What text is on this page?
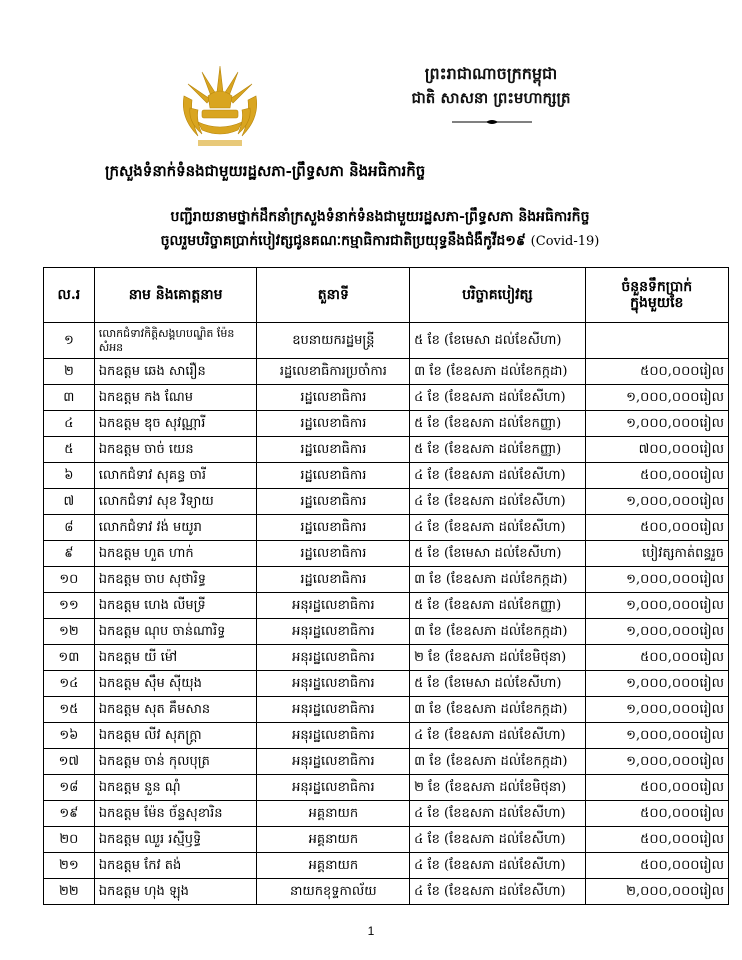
ព្រះរាជាណាចក្រកម្ពុជា
ជាតិ សាសនា ព្រះមហាក្សត្រ
ក្រសួងទំនាក់ទំនងជាមួយរដ្ឋសភា-ព្រឹទ្ធសភា និងអធិការកិច្ច
បញ្ជីរាយនាមថ្នាក់ដឹកនាំក្រសួងទំនាក់ទំនងជាមួយរដ្ឋសភា-ព្រឹទ្ធសភា និងអធិការកិច្ច
ចូលរួមបរិច្ចាគប្រាក់បៀវត្សជូនគណៈកម្មាធិការជាតិប្រយុទ្ធនឹងជំងឺកូវីដ១៩ (Covid-19)
ល.រ	នាម និងគោត្តនាម	តួនាទី	បរិច្ចាគបៀវត្ស	ចំនួនទឹកប្រាក់
ក្នុងមួយខែ

១	លោកជំទាវកិត្តិសង្គហបណ្ឌិត ម៉ែន សំអន	ឧបនាយករដ្ឋមន្ត្រី	៥ ខែ (ខែមេសា ដល់ខែសីហា)	
២	ឯកឧត្តម ឆេង សារឿន	រដ្ឋលេខាធិការប្រចាំការ	៣ ខែ (ខែឧសភា ដល់ខែកក្កដា)	៥០០,០០០រៀល
៣	ឯកឧត្តម កង ណែម	រដ្ឋលេខាធិការ	៤ ខែ (ខែឧសភា ដល់ខែសីហា)	១,០០០,០០០រៀល
៤	ឯកឧត្តម ឌុច សុវណ្ណារី	រដ្ឋលេខាធិការ	៥ ខែ (ខែឧសភា ដល់ខែកញ្ញា)	១,០០០,០០០រៀល
៥	ឯកឧត្តម ចាច់ យេន	រដ្ឋលេខាធិការ	៥ ខែ (ខែឧសភា ដល់ខែកញ្ញា)	៧០០,០០០រៀល
៦	លោកជំទាវ សុគន្ធ ចារី	រដ្ឋលេខាធិការ	៤ ខែ (ខែឧសភា ដល់ខែសីហា)	៥០០,០០០រៀល
៧	លោកជំទាវ សុខ វិទ្យាយ	រដ្ឋលេខាធិការ	៤ ខែ (ខែឧសភា ដល់ខែសីហា)	១,០០០,០០០រៀល
៨	លោកជំទាវ វង់ មយូរា	រដ្ឋលេខាធិការ	៤ ខែ (ខែឧសភា ដល់ខែសីហា)	៥០០,០០០រៀល
៩	ឯកឧត្តម ហួត ហាក់	រដ្ឋលេខាធិការ	៥ ខែ (ខែមេសា ដល់ខែសីហា)	បៀវត្សកាត់ពន្ធរួច
១០	ឯកឧត្តម ចាប សុថារិទ្ធ	រដ្ឋលេខាធិការ	៣ ខែ (ខែឧសភា ដល់ខែកក្កដា)	១,០០០,០០០រៀល
១១	ឯកឧត្តម ហេង លីមទ្រី	អនុរដ្ឋលេខាធិការ	៥ ខែ (ខែឧសភា ដល់ខែកញ្ញា)	១,០០០,០០០រៀល
១២	ឯកឧត្តម ណុប ចាន់ណារិទ្ធ	អនុរដ្ឋលេខាធិការ	៣ ខែ (ខែឧសភា ដល់ខែកក្កដា)	១,០០០,០០០រៀល
១៣	ឯកឧត្តម យី ម៉ៅ	អនុរដ្ឋលេខាធិការ	២ ខែ (ខែឧសភា ដល់ខែមិថុនា)	៥០០,០០០រៀល
១៤	ឯកឧត្តម ស៊ឹម ស៊ីយុង	អនុរដ្ឋលេខាធិការ	៥ ខែ (ខែមេសា ដល់ខែសីហា)	១,០០០,០០០រៀល
១៥	ឯកឧត្តម សុត គឹមសាន	អនុរដ្ឋលេខាធិការ	៣ ខែ (ខែឧសភា ដល់ខែកក្កដា)	១,០០០,០០០រៀល
១៦	ឯកឧត្តម លីវ សុភក្ត្រា	អនុរដ្ឋលេខាធិការ	៤ ខែ (ខែឧសភា ដល់ខែសីហា)	១,០០០,០០០រៀល
១៧	ឯកឧត្តម ចាន់ កុលបុត្រ	អនុរដ្ឋលេខាធិការ	៣ ខែ (ខែឧសភា ដល់ខែកក្កដា)	១,០០០,០០០រៀល
១៨	ឯកឧត្តម នួន ណុំ	អនុរដ្ឋលេខាធិការ	២ ខែ (ខែឧសភា ដល់ខែមិថុនា)	៥០០,០០០រៀល
១៩	ឯកឧត្តម ម៉ែន ច័ន្ទសុខារិន	អគ្គនាយក	៤ ខែ (ខែឧសភា ដល់ខែសីហា)	៥០០,០០០រៀល
២០	ឯកឧត្តម ឈួរ រស្មីឫទ្ធិ	អគ្គនាយក	៤ ខែ (ខែឧសភា ដល់ខែសីហា)	៥០០,០០០រៀល
២១	ឯកឧត្តម កែវ តង់	អគ្គនាយក	៤ ខែ (ខែឧសភា ដល់ខែសីហា)	៥០០,០០០រៀល
២២	ឯកឧត្តម ហុង ឡុង	នាយកខុទ្ទកាល័យ	៤ ខែ (ខែឧសភា ដល់ខែសីហា)	២,០០០,០០០រៀល
1
